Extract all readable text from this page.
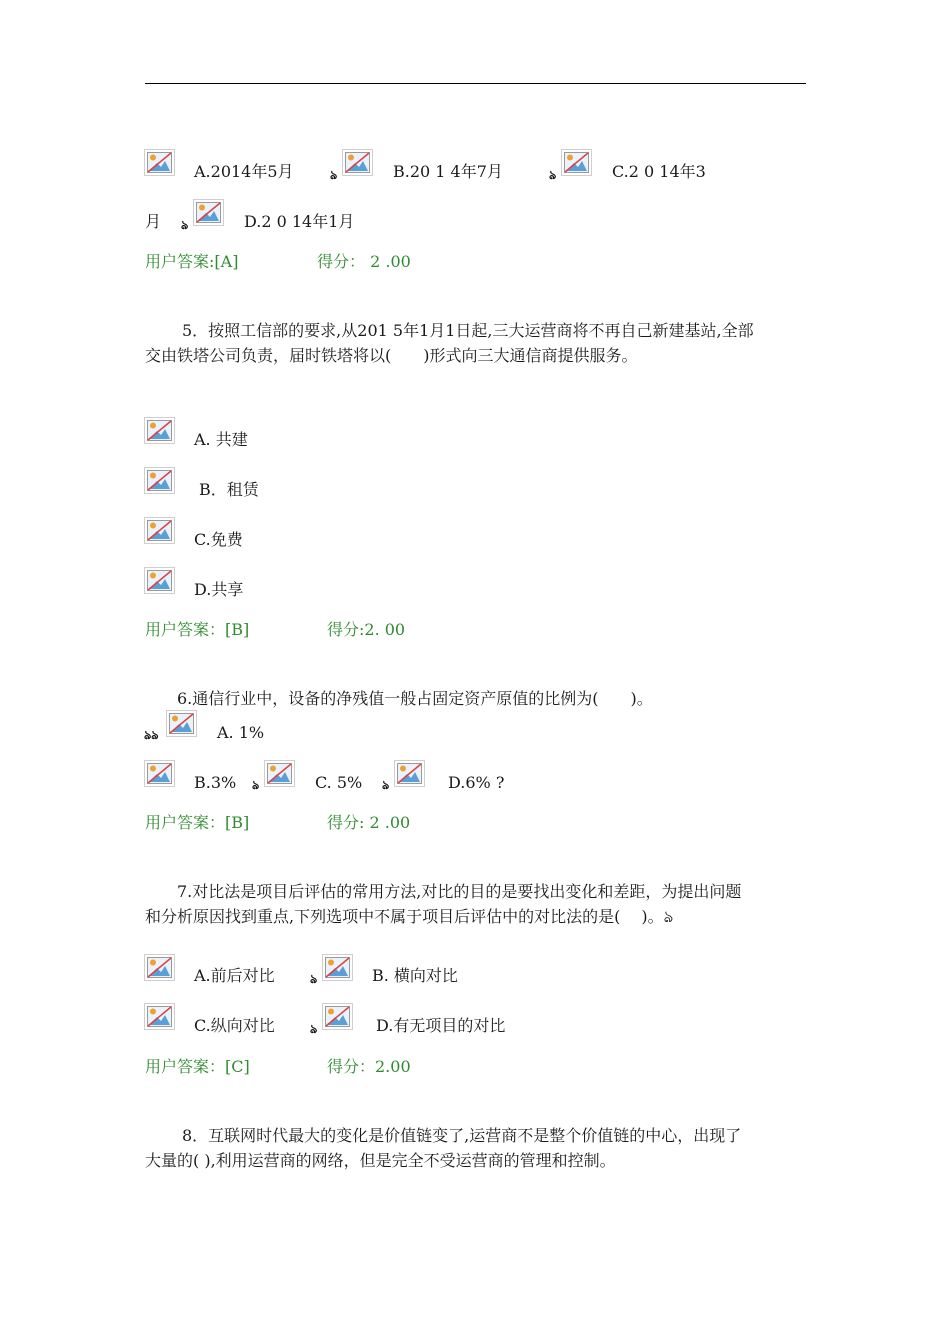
A.2014年5月	ঌ	B.20 1 4年7月	ঌ	C.2 0 14年3
月 ঌ	D.2 0 14年1月
用户答案:[A]	得分： 2 .00
5．按照工信部的要求,从201 5年1月1日起,三大运营商将不再自己新建基站,全部交由铁塔公司负责，届时铁塔将以(　　)形式向三大通信商提供服务。
A. 共建
B．租赁
C.免费
D.共享
用户答案：[B]	得分:2. 00
6.通信行业中，设备的净残值一般占固定资产原值的比例为(　　)。
ঌঌ	A. 1%
B.3% ঌ	C. 5% ঌ	D.6% ?
用户答案：[B]	得分: 2 .00
7.对比法是项目后评估的常用方法,对比的目的是要找出变化和差距，为提出问题和分析原因找到重点,下列选项中不属于项目后评估中的对比法的是(　 )。ঌ
A.前后对比	ঌ	B. 横向对比
C.纵向对比	ঌ	D.有无项目的对比
用户答案：[C]	得分：2.00
8．互联网时代最大的变化是价值链变了,运营商不是整个价值链的中心，出现了大量的( ),利用运营商的网络，但是完全不受运营商的管理和控制。
